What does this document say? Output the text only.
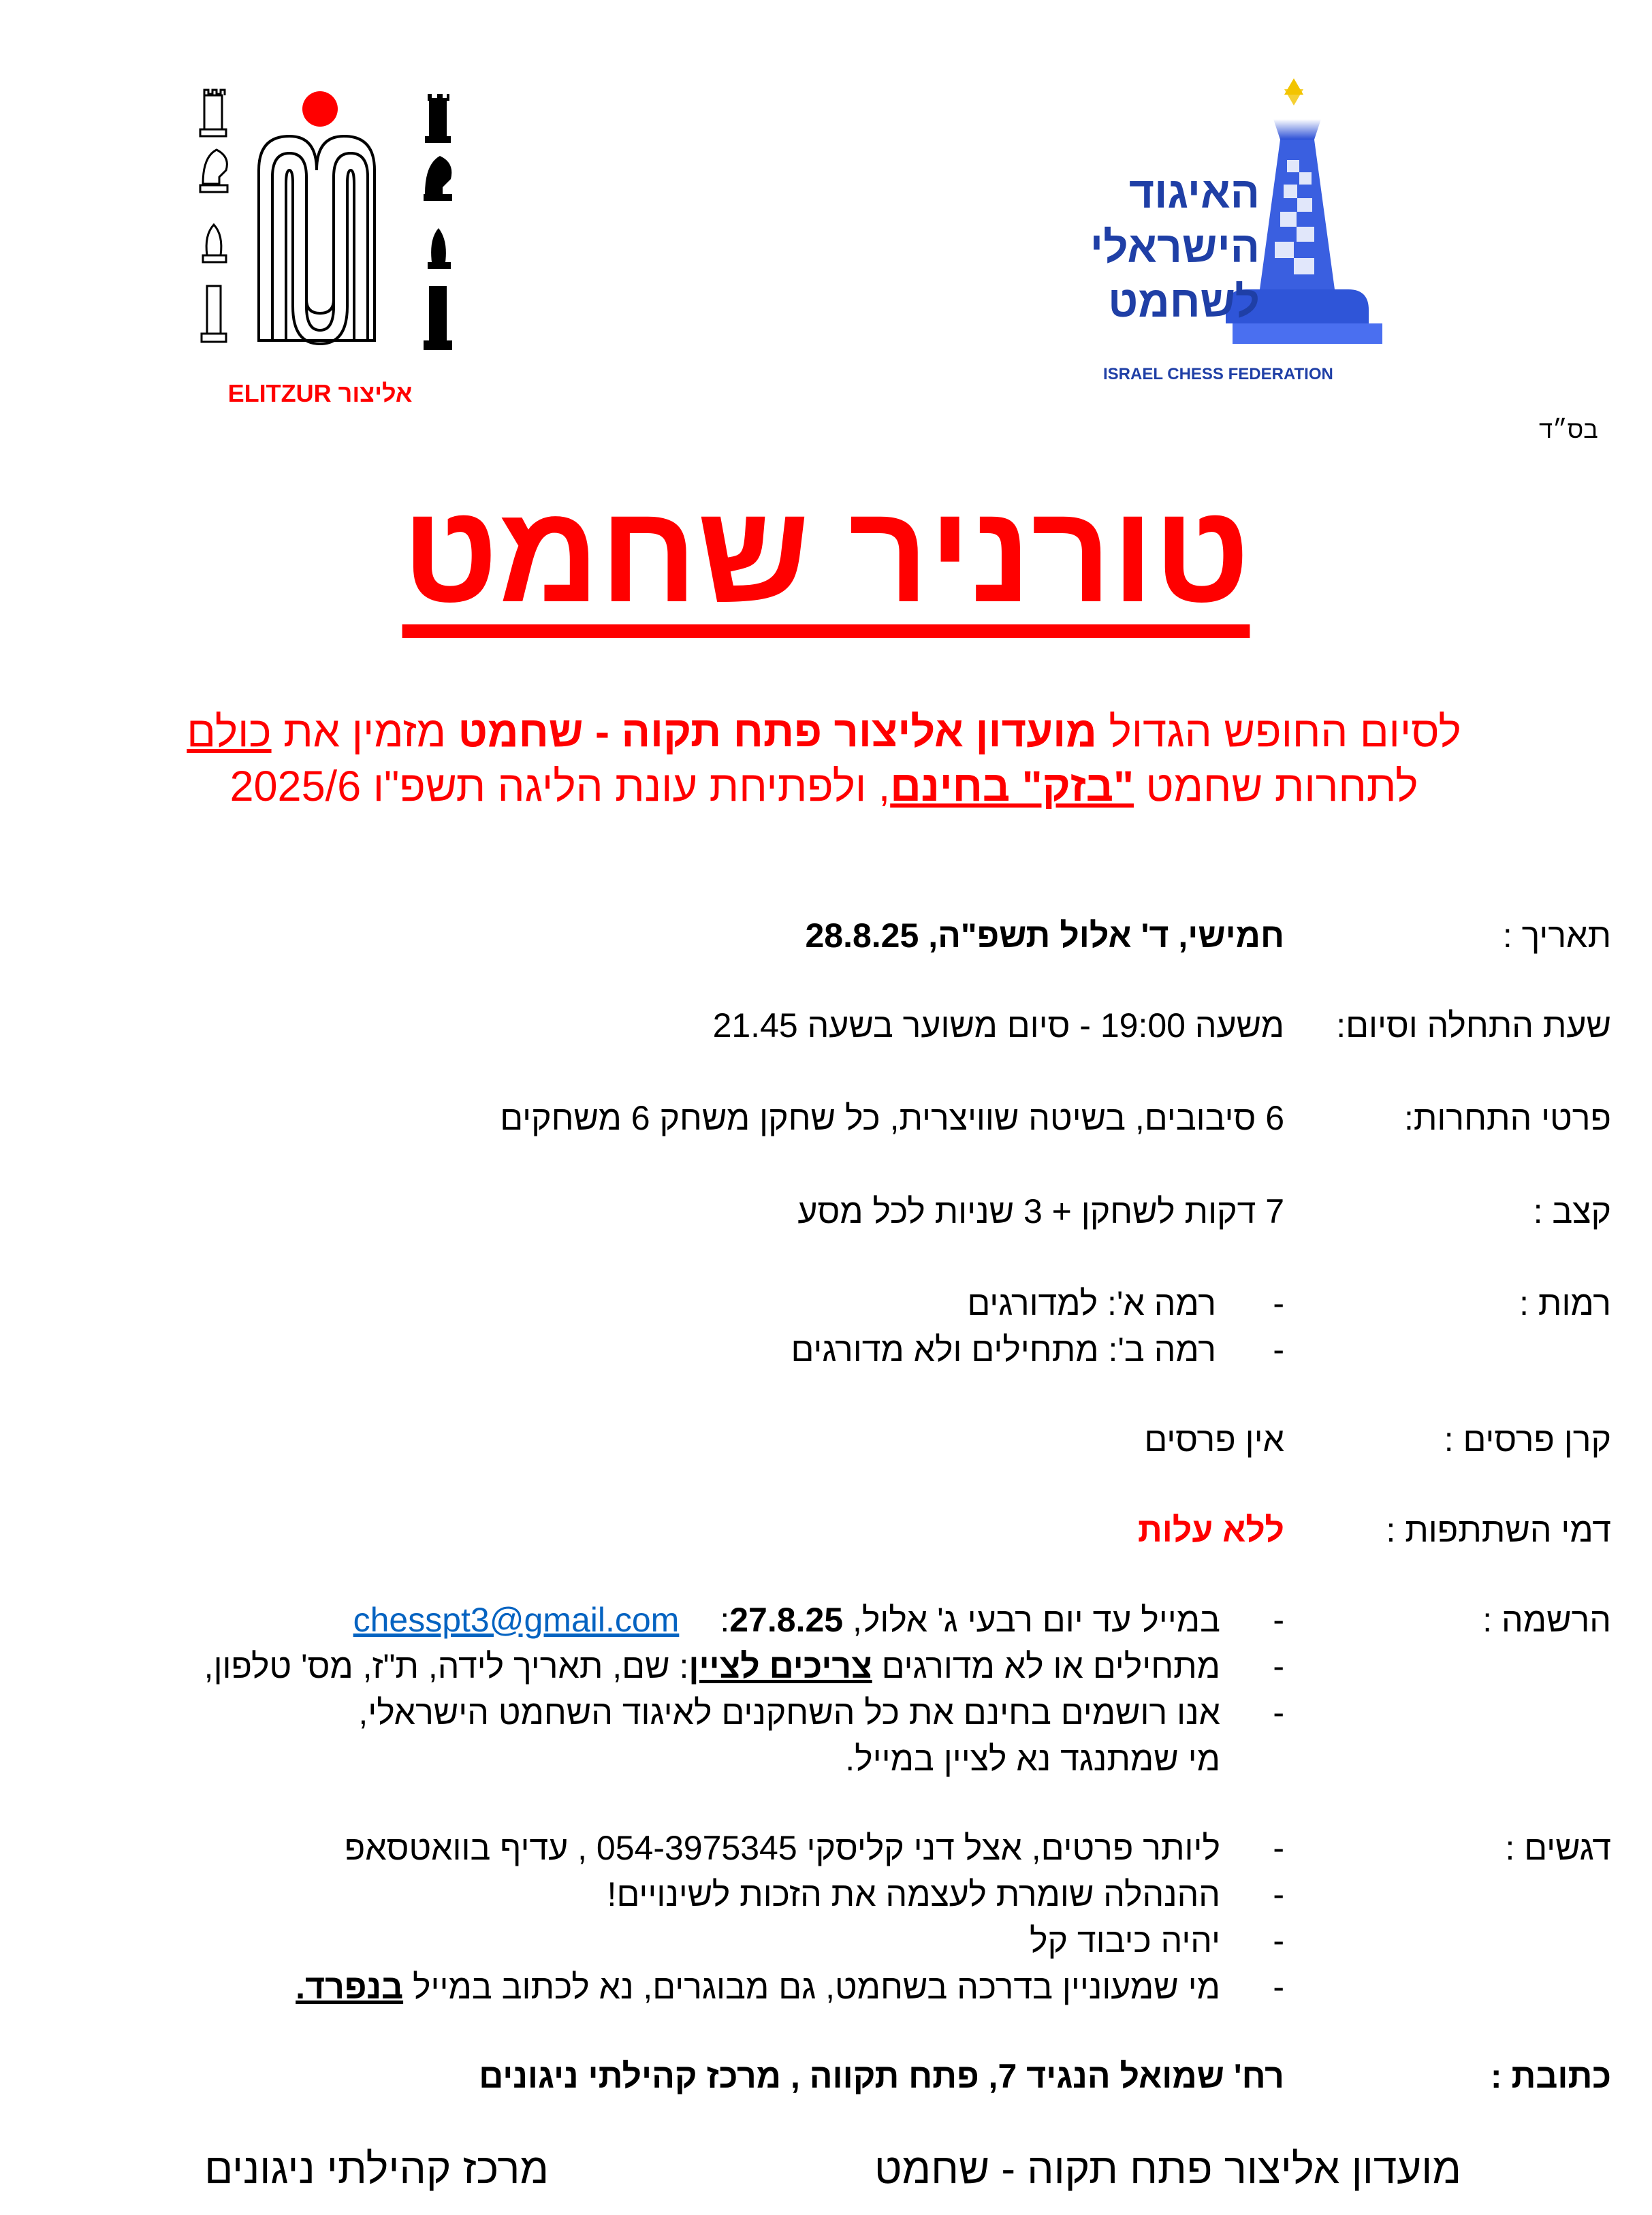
ELITZUR אליצור
האיגוד
הישראלי
לשחמט
ISRAEL CHESS FEDERATION
בס״ד
טורניר שחמט
לסיום החופש הגדול מועדון אליצור פתח תקוה - שחמט מזמין את כולם
לתחרות שחמט "בזק" בחינם, ולפתיחת עונת הליגה תשפ"ו 2025/6
תאריך :
חמישי, ד' אלול תשפ"ה, 28.8.25
שעת התחלה וסיום:
משעה 19:00 - סיום משוער בשעה 21.45
פרטי התחרות:
6 סיבובים, בשיטה שוויצרית, כל שחקן משחק 6 משחקים
קצב :
7 דקות לשחקן + 3 שניות לכל מסע
רמות :
-
רמה א': למדורגים
-
רמה ב': מתחילים ולא מדורגים
קרן פרסים :
אין פרסים
דמי השתתפות :
ללא עלות
הרשמה :
-
במייל עד יום רבעי ג' אלול, 27.8.25:chesspt3@gmail.com
-
מתחילים או לא מדורגים צריכים לציין: שם, תאריך לידה, ת"ז, מס' טלפון,
-
אנו רושמים בחינם את כל השחקנים לאיגוד השחמט הישראלי,
מי שמתנגד נא לציין במייל.
דגשים :
-
ליותר פרטים, אצל דני קליסקי 054-3975345 , עדיף בוואטסאפ
-
ההנהלה שומרת לעצמה את הזכות לשינויים!
-
יהיה כיבוד קל
-
מי שמעוניין בדרכה בשחמט, גם מבוגרים, נא לכתוב במייל בנפרד.
כתובת :
רח' שמואל הנגיד 7, פתח תקווה , מרכז קהילתי ניגונים
מועדון אליצור פתח תקוה - שחמט
מרכז קהילתי ניגונים
